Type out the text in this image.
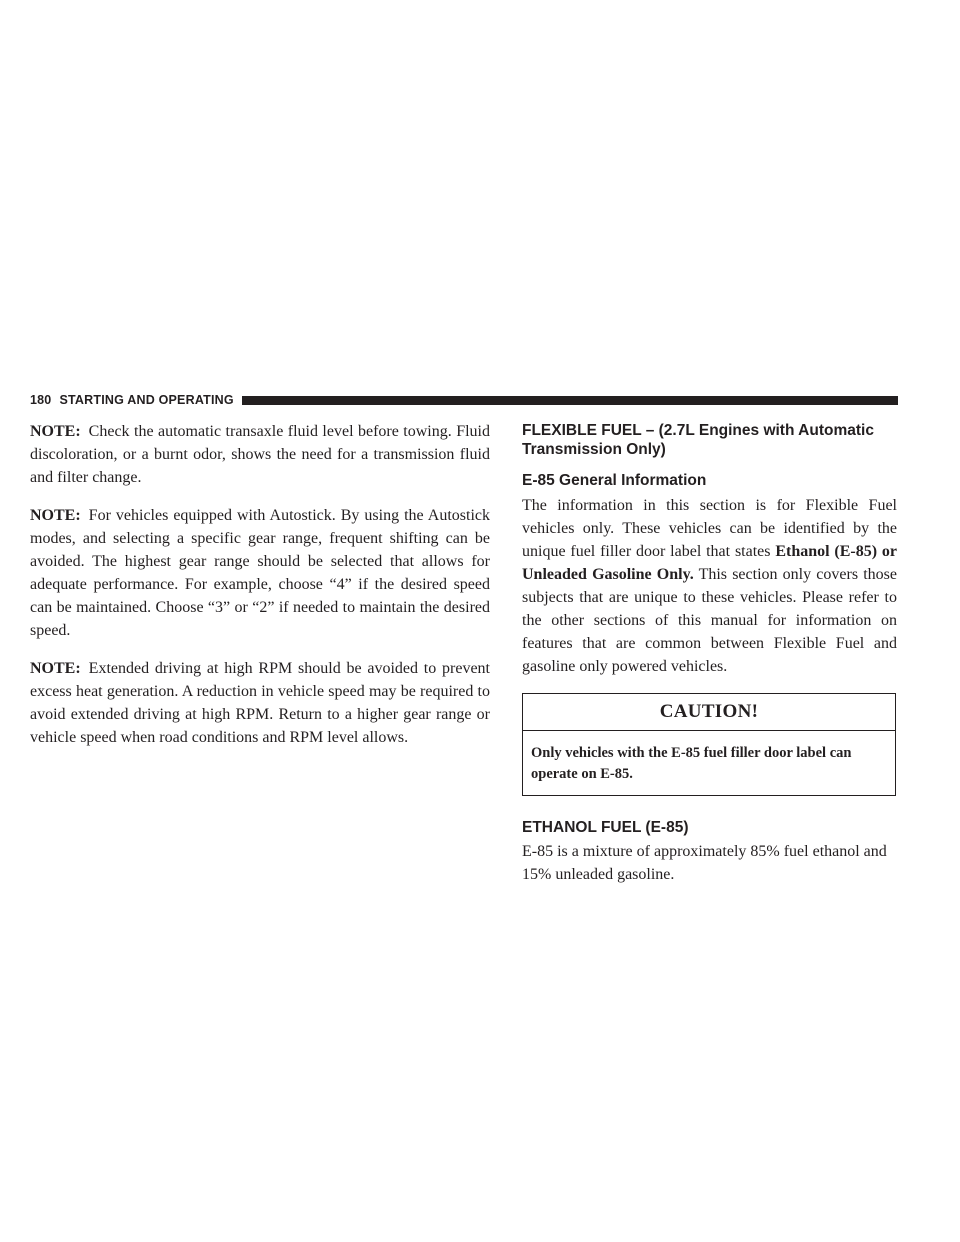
180 STARTING AND OPERATING

NOTE: Check the automatic transaxle fluid level before towing. Fluid discoloration, or a burnt odor, shows the need for a transmission fluid and filter change.

NOTE: For vehicles equipped with Autostick. By using the Autostick modes, and selecting a specific gear range, frequent shifting can be avoided. The highest gear range should be selected that allows for adequate performance. For example, choose “4” if the desired speed can be maintained. Choose “3” or “2” if needed to maintain the desired speed.

NOTE: Extended driving at high RPM should be avoided to prevent excess heat generation. A reduction in vehicle speed may be required to avoid extended driving at high RPM. Return to a higher gear range or vehicle speed when road conditions and RPM level allows.

FLEXIBLE FUEL – (2.7L Engines with Automatic Transmission Only)
E-85 General Information

The information in this section is for Flexible Fuel vehicles only. These vehicles can be identified by the unique fuel filler door label that states Ethanol (E-85) or Unleaded Gasoline Only. This section only covers those subjects that are unique to these vehicles. Please refer to the other sections of this manual for information on features that are common between Flexible Fuel and gasoline only powered vehicles.

CAUTION!
Only vehicles with the E-85 fuel filler door label can operate on E-85.
ETHANOL FUEL (E-85)

E-85 is a mixture of approximately 85% fuel ethanol and 15% unleaded gasoline.
